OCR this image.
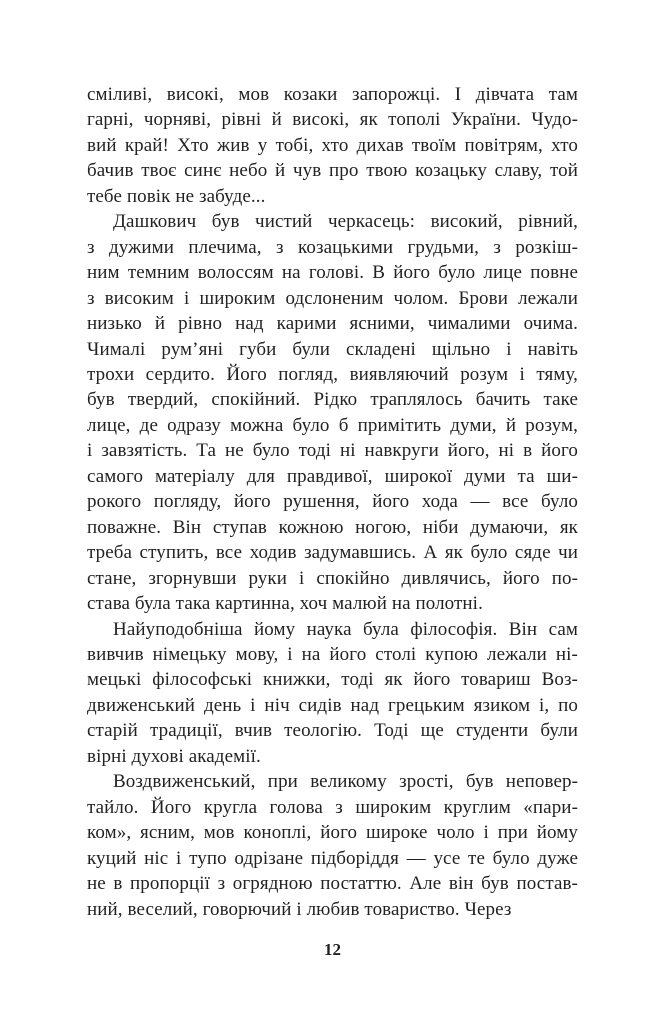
сміливі, високі, мов козаки запорожці. І дівчата там
гарні, чорняві, рівні й високі, як тополі України. Чудо-
вий край! Хто жив у тобі, хто дихав твоїм повітрям, хто
бачив твоє синє небо й чув про твою козацьку славу, той
тебе повік не забуде...

Дашкович був чистий черкасець: високий, рівний,
з дужими плечима, з козацькими грудьми, з розкіш-
ним темним волоссям на голові. В його було лице повне
з високим і широким одслоненим чолом. Брови лежали
низько й рівно над карими ясними, чималими очима.
Чималі рум’яні губи були складені щільно і навіть
трохи сердито. Його погляд, виявляючий розум і тяму,
був твердий, спокійний. Рідко траплялось бачить таке
лице, де одразу можна було б примітить думи, й розум,
і завзятість. Та не було тоді ні навкруги його, ні в його
самого матеріалу для правдивої, широкої думи та ши-
рокого погляду, його рушення, його хода — все було
поважне. Він ступав кожною ногою, ніби думаючи, як
треба ступить, все ходив задумавшись. А як було сяде чи
стане, згорнувши руки і спокійно дивлячись, його по-
става була така картинна, хоч малюй на полотні.

Найуподобніша йому наука була філософія. Він сам
вивчив німецьку мову, і на його столі купою лежали ні-
мецькі філософські книжки, тоді як його товариш Воз-
движенський день і ніч сидів над грецьким язиком і, по
старій традиції, вчив теологію. Тоді ще студенти були
вірні духові академії.

Воздвиженський, при великому зрості, був неповер-
тайло. Його кругла голова з широким круглим «пари-
ком», ясним, мов коноплі, його широке чоло і при йому
куций ніс і тупо одрізане підборіддя — усе те було дуже
не в пропорції з огрядною постаттю. Але він був постав-
ний, веселий, говорючий і любив товариство. Через

12
